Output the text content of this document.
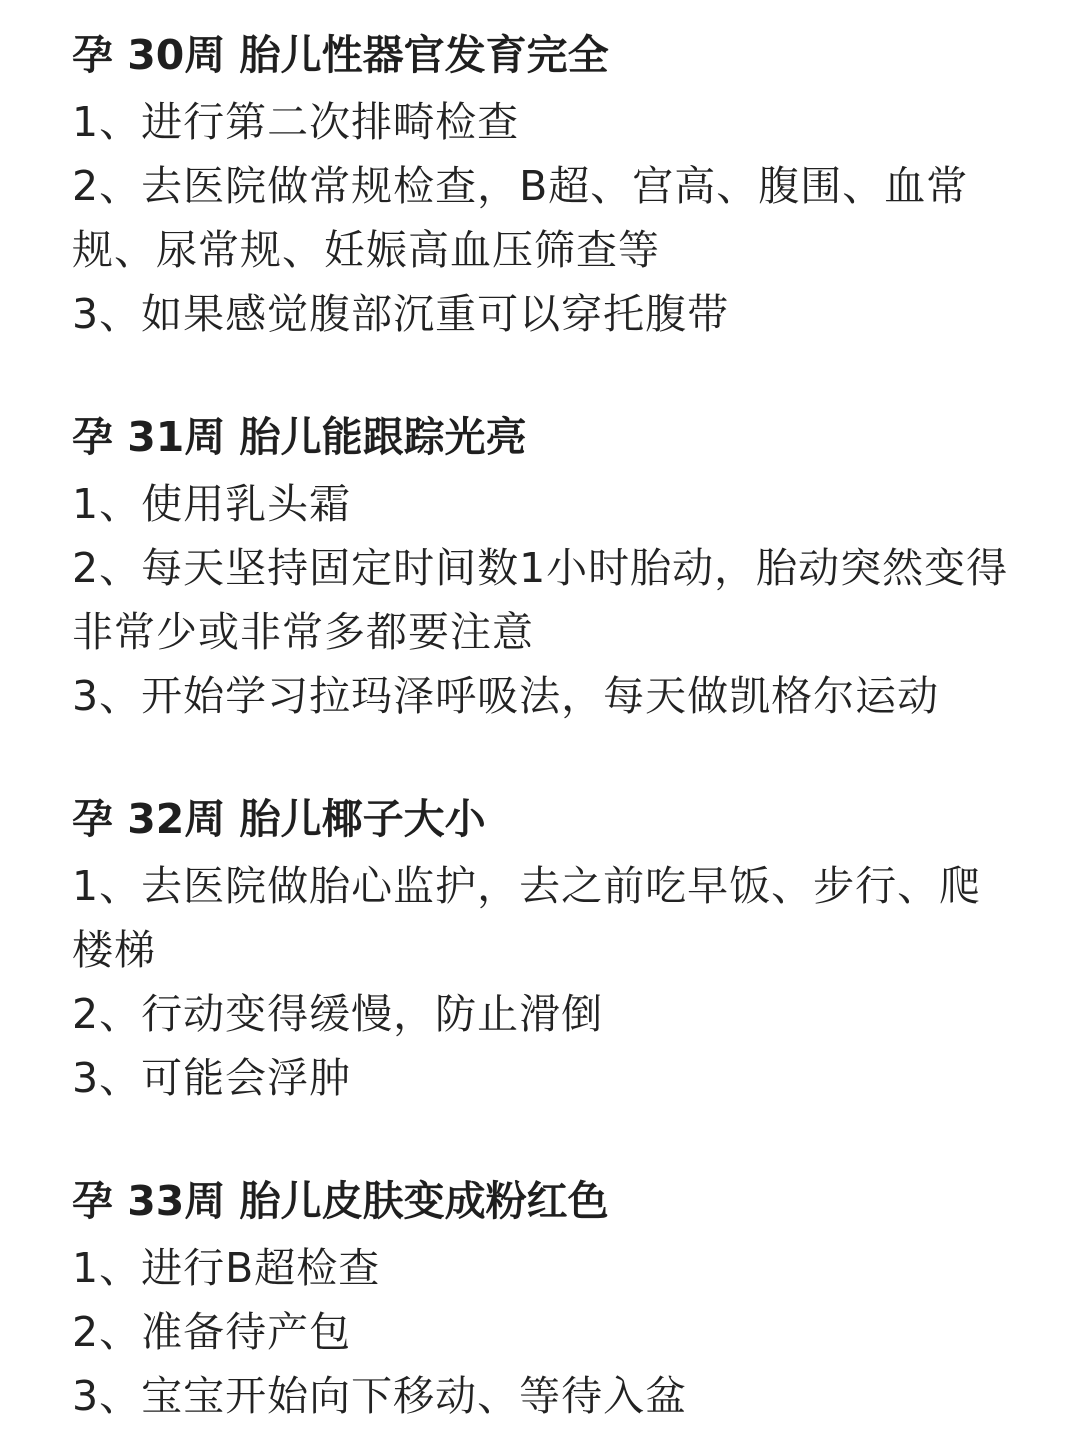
孕 30周 胎儿性器官发育完全
1、进行第二次排畸检查
2、去医院做常规检查，B超、宫高、腹围、血常规、尿常规、妊娠高血压筛查等
3、如果感觉腹部沉重可以穿托腹带
孕 31周 胎儿能跟踪光亮
1、使用乳头霜
2、每天坚持固定时间数1小时胎动，胎动突然变得非常少或非常多都要注意
3、开始学习拉玛泽呼吸法，每天做凯格尔运动
孕 32周 胎儿椰子大小
1、去医院做胎心监护，去之前吃早饭、步行、爬楼梯
2、行动变得缓慢，防止滑倒
3、可能会浮肿
孕 33周 胎儿皮肤变成粉红色
1、进行B超检查
2、准备待产包
3、宝宝开始向下移动、等待入盆
